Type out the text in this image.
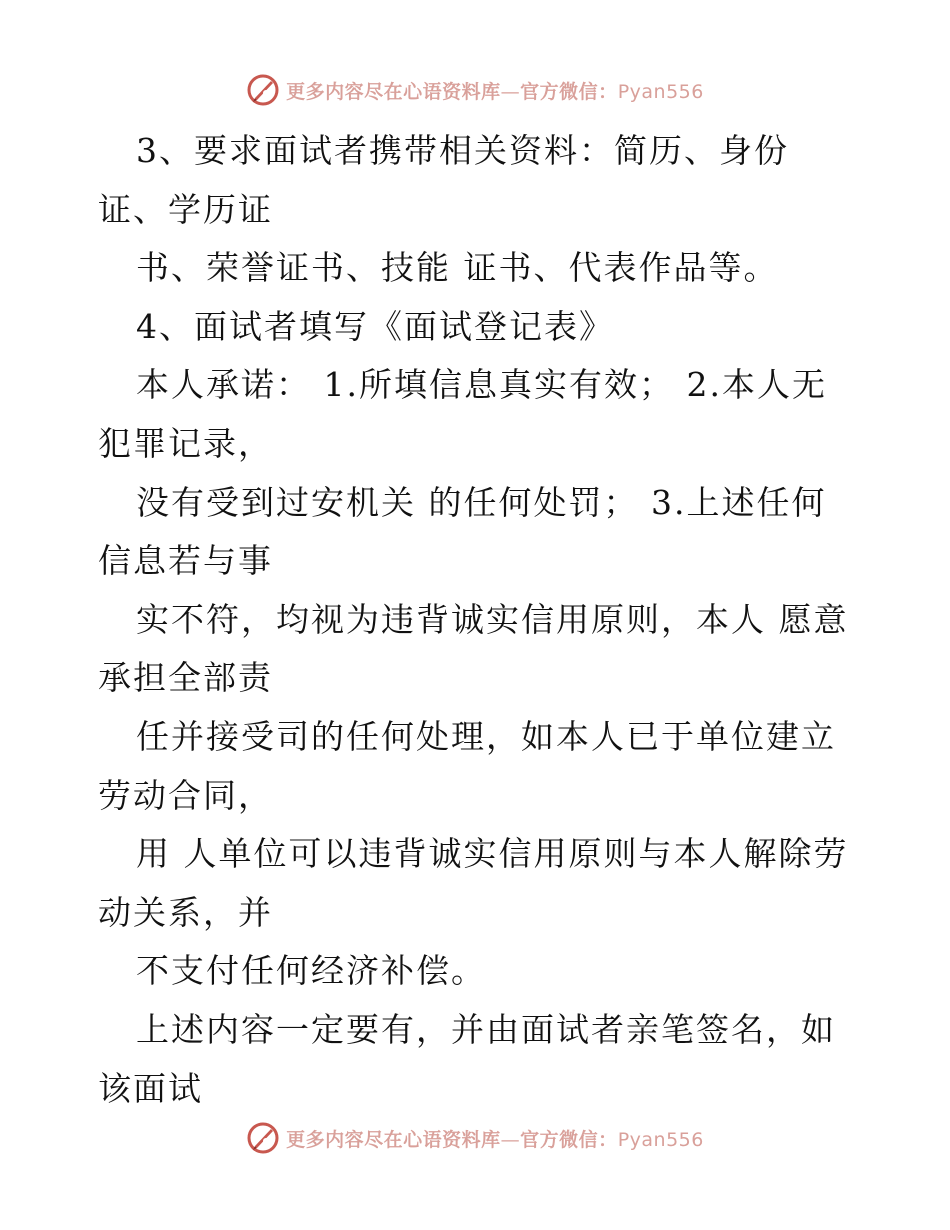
更多内容尽在心语资料库—官方微信：Pyan556

3、要求面试者携带相关资料：简历、身份证、学历证

书、荣誉证书、技能 证书、代表作品等。

4、面试者填写《面试登记表》

本人承诺： 1.所填信息真实有效； 2.本人无犯罪记录，

没有受到过安机关 的任何处罚； 3.上述任何信息若与事

实不符，均视为违背诚实信用原则，本人 愿意承担全部责

任并接受司的任何处理，如本人已于单位建立劳动合同，

用 人单位可以违背诚实信用原则与本人解除劳动关系，并

不支付任何经济补偿。

上述内容一定要有，并由面试者亲笔签名，如该面试

更多内容尽在心语资料库—官方微信：Pyan556
